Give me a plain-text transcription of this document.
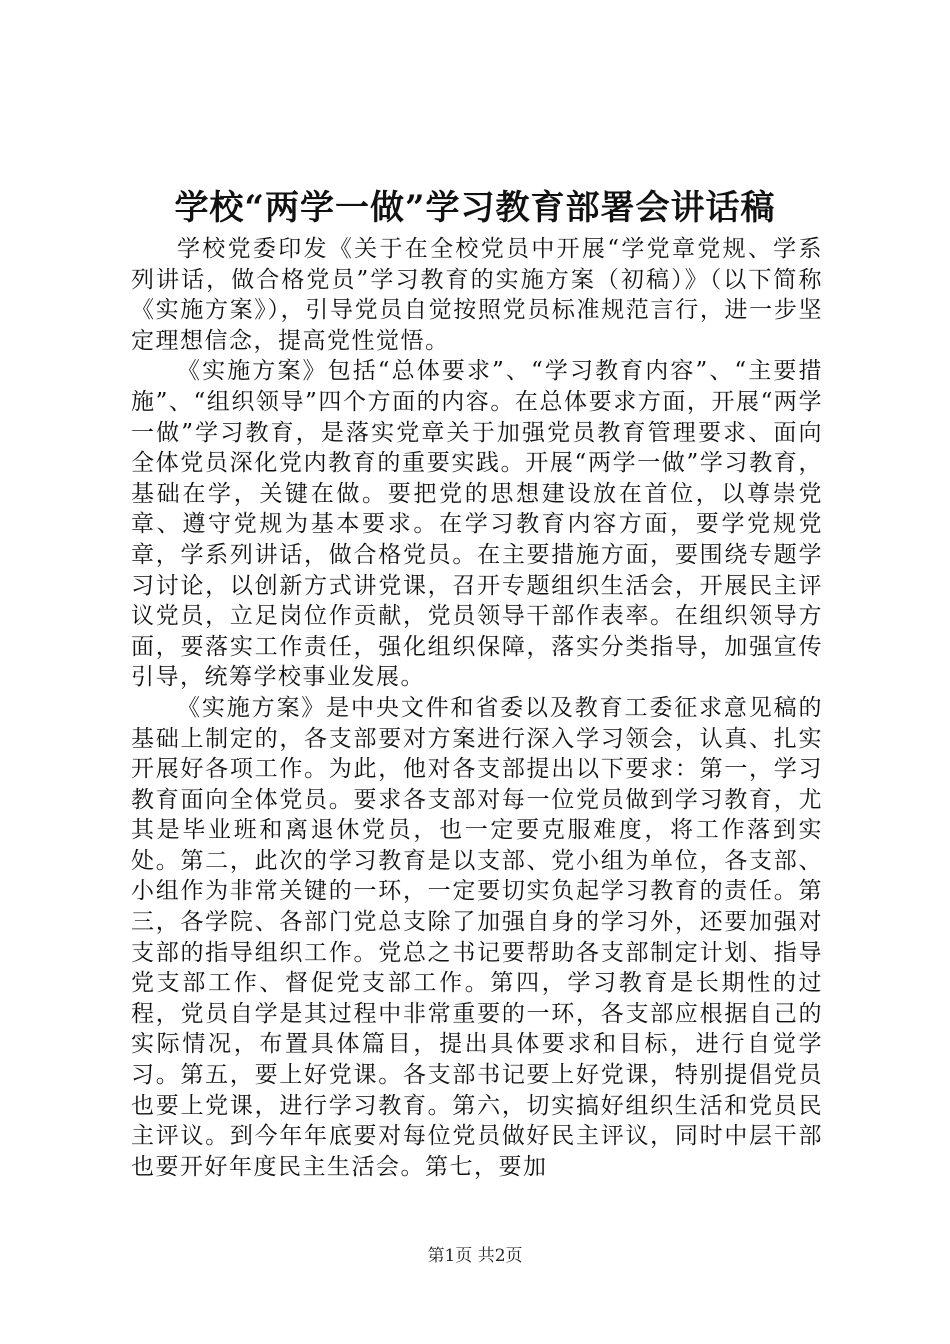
学校“两学一做”学习教育部署会讲话稿

学校党委印发《关于在全校党员中开展“学党章党规、学系列讲话，做合格党员”学习教育的实施方案（初稿）》（以下简称《实施方案》），引导党员自觉按照党员标准规范言行，进一步坚定理想信念，提高党性觉悟。

《实施方案》包括“总体要求”、“学习教育内容”、“主要措施”、“组织领导”四个方面的内容。在总体要求方面，开展“两学一做”学习教育，是落实党章关于加强党员教育管理要求、面向全体党员深化党内教育的重要实践。开展“两学一做”学习教育，基础在学，关键在做。要把党的思想建设放在首位，以尊崇党章、遵守党规为基本要求。在学习教育内容方面，要学党规党章，学系列讲话，做合格党员。在主要措施方面，要围绕专题学习讨论，以创新方式讲党课，召开专题组织生活会，开展民主评议党员，立足岗位作贡献，党员领导干部作表率。在组织领导方面，要落实工作责任，强化组织保障，落实分类指导，加强宣传引导，统筹学校事业发展。

《实施方案》是中央文件和省委以及教育工委征求意见稿的基础上制定的，各支部要对方案进行深入学习领会，认真、扎实开展好各项工作。为此，他对各支部提出以下要求：第一，学习教育面向全体党员。要求各支部对每一位党员做到学习教育，尤其是毕业班和离退休党员，也一定要克服难度，将工作落到实处。第二，此次的学习教育是以支部、党小组为单位，各支部、小组作为非常关键的一环，一定要切实负起学习教育的责任。第三，各学院、各部门党总支除了加强自身的学习外，还要加强对支部的指导组织工作。党总之书记要帮助各支部制定计划、指导党支部工作、督促党支部工作。第四，学习教育是长期性的过程，党员自学是其过程中非常重要的一环，各支部应根据自己的实际情况，布置具体篇目，提出具体要求和目标，进行自觉学习。第五，要上好党课。各支部书记要上好党课，特别提倡党员也要上党课，进行学习教育。第六，切实搞好组织生活和党员民主评议。到今年年底要对每位党员做好民主评议，同时中层干部也要开好年度民主生活会。第七，要加

第1页 共2页
